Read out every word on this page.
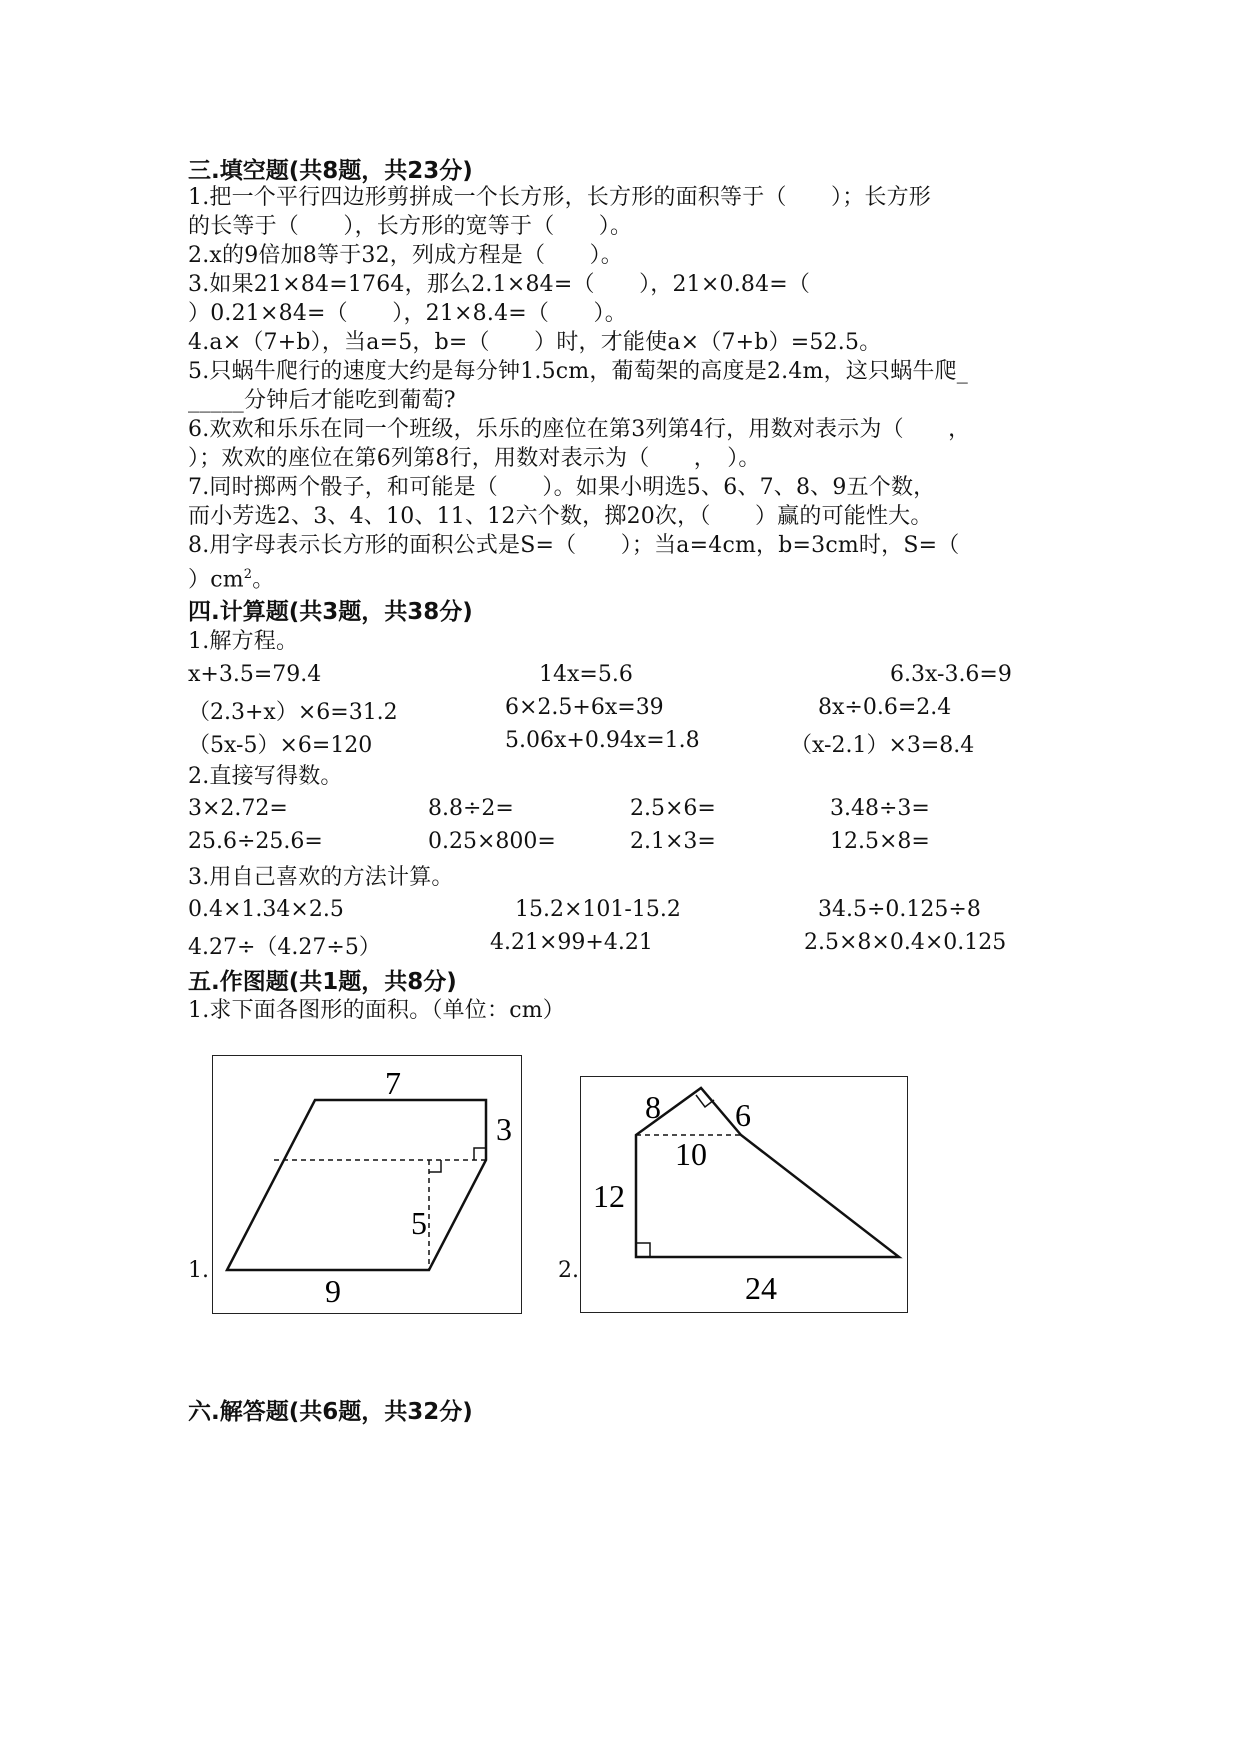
三.填空题(共8题，共23分)
1.把一个平行四边形剪拼成一个长方形，长方形的面积等于（　　）；长方形
的长等于（　　），长方形的宽等于（　　）。
2.x的9倍加8等于32，列成方程是（　　）。
3.如果21×84=1764，那么2.1×84=（　　），21×0.84=（
）0.21×84=（　　），21×8.4=（　　）。
4.a×（7+b），当a=5，b=（　　）时，才能使a×（7+b）=52.5。
5.只蜗牛爬行的速度大约是每分钟1.5cm，葡萄架的高度是2.4m，这只蜗牛爬_
_____分钟后才能吃到葡萄?
6.欢欢和乐乐在同一个班级，乐乐的座位在第3列第4行，用数对表示为（　　，
）；欢欢的座位在第6列第8行，用数对表示为（　　，　）。
7.同时掷两个骰子，和可能是（　　）。如果小明选5、6、7、8、9五个数，
而小芳选2、3、4、10、11、12六个数，掷20次，（　　）赢的可能性大。
8.用字母表示长方形的面积公式是S=（　　）；当a=4cm，b=3cm时，S=（
）$cm^2$。
四.计算题(共3题，共38分)
1.解方程。
x+3.5=79.4	14x=5.6	6.3x-3.6=9
（2.3+x）×6=31.2	6×2.5+6x=39	8x÷0.6=2.4
（5x-5）×6=120	5.06x+0.94x=1.8	（x-2.1）×3=8.4
2.直接写得数。
3×2.72=	8.8÷2=	2.5×6=	3.48÷3=
25.6÷25.6=	0.25×800=	2.1×3=	12.5×8=
3.用自己喜欢的方法计算。
0.4×1.34×2.5	15.2×101-15.2	34.5÷0.125÷8
4.27÷（4.27÷5）	4.21×99+4.21	2.5×8×0.4×0.125
五.作图题(共1题，共8分)
1.求下面各图形的面积。（单位：cm）
1.
7
3
5
9
2.
8 6
10
12
24
六.解答题(共6题，共32分)
